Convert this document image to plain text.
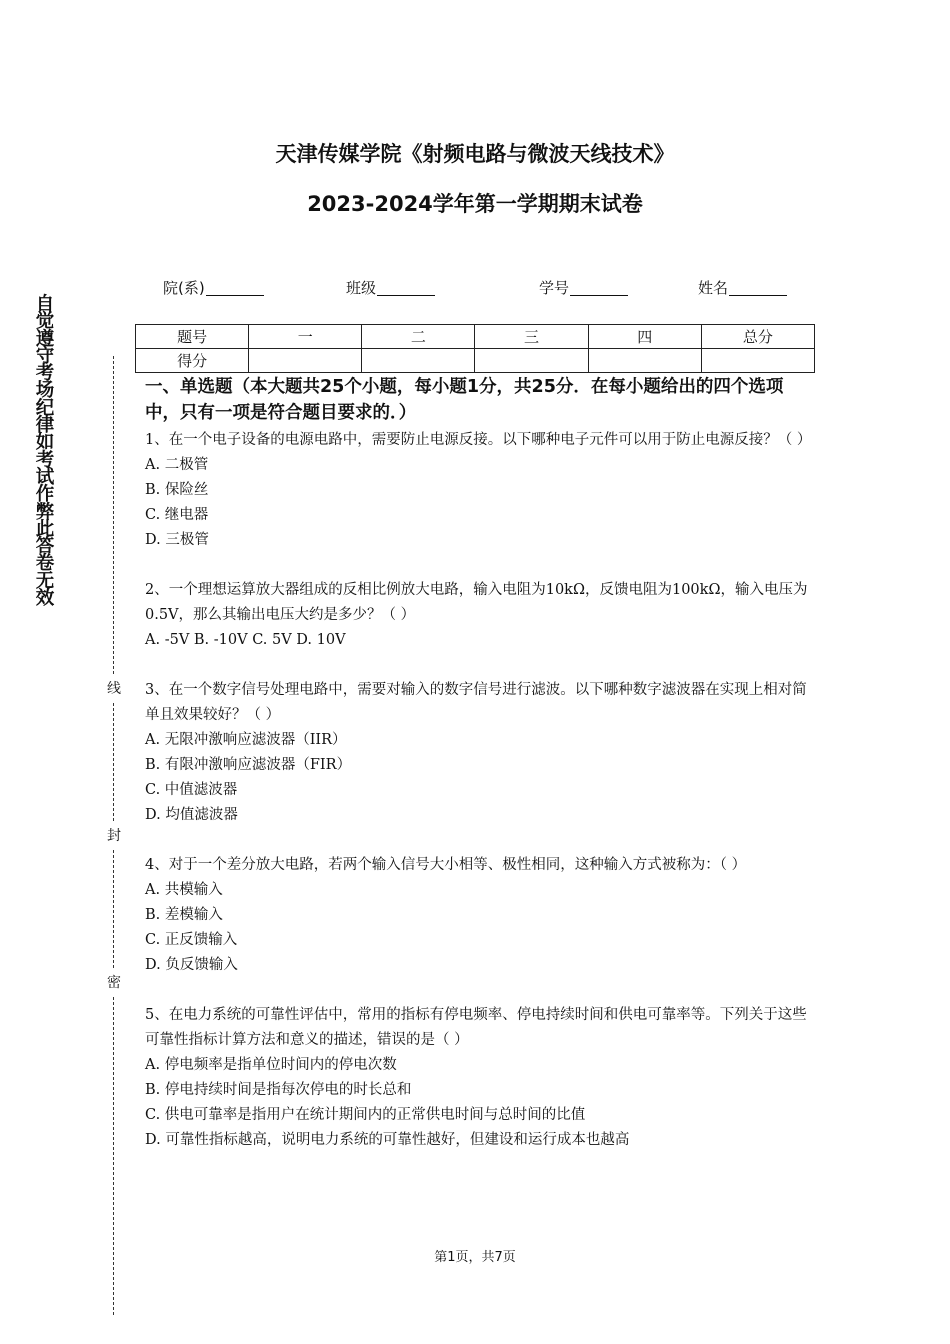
天津传媒学院《射频电路与微波天线技术》
2023-2024学年第一学期期末试卷
院(系)	班级	学号	姓名
题号	一	二	三	四	总分
得分					
自觉遵守考场纪律如考试作弊此答卷无效
线
封
密
一、单选题（本大题共25个小题，每小题1分，共25分．在每小题给出的四个选项中，只有一项是符合题目要求的．）

1、在一个电子设备的电源电路中，需要防止电源反接。以下哪种电子元件可以用于防止电源反接？（ ）

A. 二极管

B. 保险丝

C. 继电器

D. 三极管

2、一个理想运算放大器组成的反相比例放大电路，输入电阻为10kΩ，反馈电阻为100kΩ，输入电压为0.5V，那么其输出电压大约是多少？（ ）

A. -5V B. -10V C. 5V D. 10V

3、在一个数字信号处理电路中，需要对输入的数字信号进行滤波。以下哪种数字滤波器在实现上相对简单且效果较好？（ ）

A. 无限冲激响应滤波器（IIR）

B. 有限冲激响应滤波器（FIR）

C. 中值滤波器

D. 均值滤波器

4、对于一个差分放大电路，若两个输入信号大小相等、极性相同，这种输入方式被称为：（ ）

A. 共模输入

B. 差模输入

C. 正反馈输入

D. 负反馈输入

5、在电力系统的可靠性评估中，常用的指标有停电频率、停电持续时间和供电可靠率等。下列关于这些可靠性指标计算方法和意义的描述，错误的是（ ）

A. 停电频率是指单位时间内的停电次数

B. 停电持续时间是指每次停电的时长总和

C. 供电可靠率是指用户在统计期间内的正常供电时间与总时间的比值

D. 可靠性指标越高，说明电力系统的可靠性越好，但建设和运行成本也越高

第1页，共7页
